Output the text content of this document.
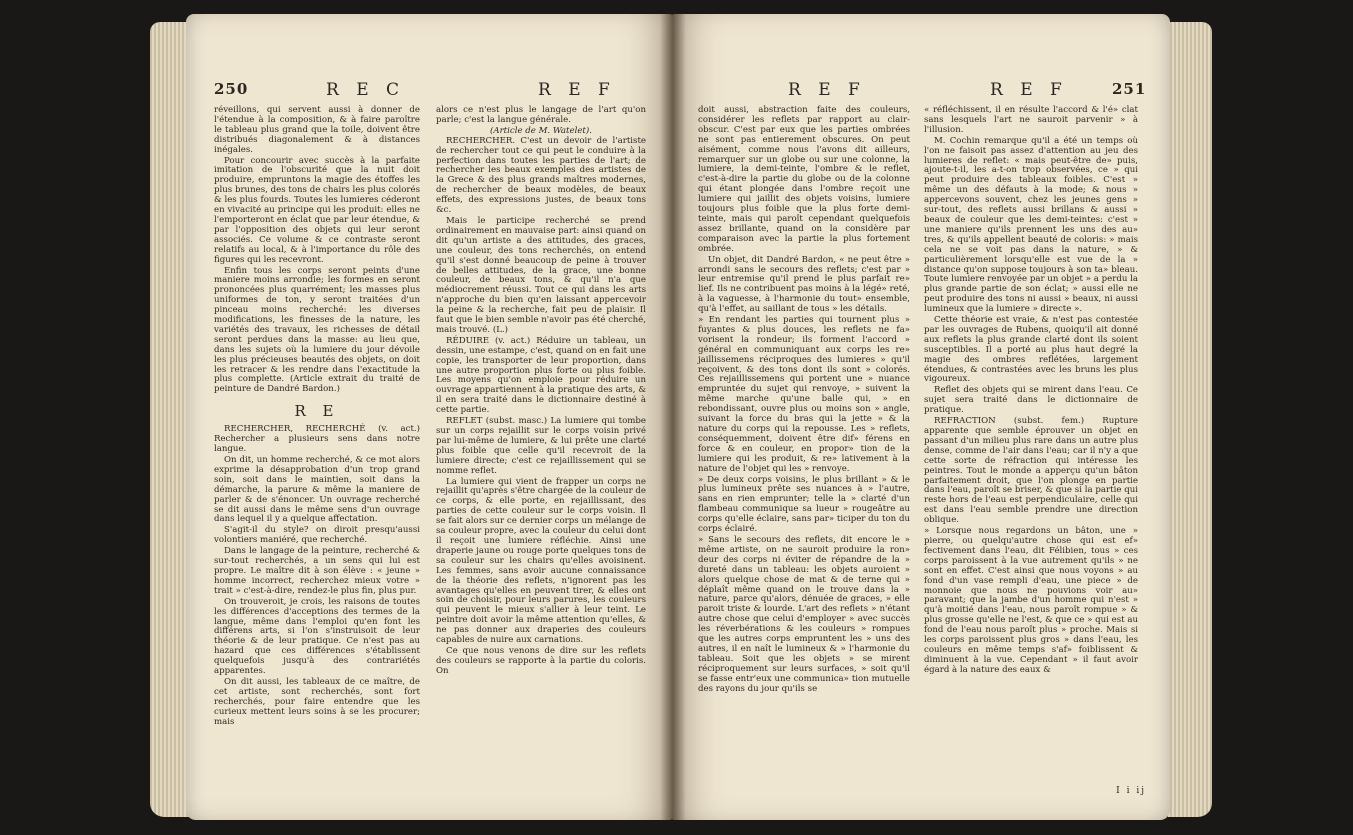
250	R E C	R E F

réveillons, qui servent aussi à donner de l'étendue à la composition, & à faire paroître le tableau plus grand que la toile, doivent être distribués diagonalement & à distances inégales.

Pour concourir avec succès à la parfaite imitation de l'obscurité que la nuit doit produire, empruntons la magie des étoffes les plus brunes, des tons de chairs les plus colorés & les plus fourds. Toutes les lumieres céderont en vivacité au principe qui les produit: elles ne l'emporteront en éclat que par leur étendue, & par l'opposition des objets qui leur seront associés. Ce volume & ce contraste seront relatifs au local, & à l'importance du rôle des figures qui les recevront.

Enfin tous les corps seront peints d'une maniere moins arrondie; les formes en seront prononcées plus quarrément; les masses plus uniformes de ton, y seront traitées d'un pinceau moins recherché: les diverses modifications, les finesses de la nature, les variétés des travaux, les richesses de détail seront perdues dans la masse: au lieu que, dans les sujets où la lumiere du jour dévoile les plus précieuses beautés des objets, on doit les retracer & les rendre dans l'exactitude la plus complette. (Article extrait du traité de peinture de Dandré Bardon.)

R E

RECHERCHER, RECHERCHÉ (v. act.) Rechercher a plusieurs sens dans notre langue.

On dit, un homme recherché, & ce mot alors exprime la désapprobation d'un trop grand soin, soit dans le maintien, soit dans la démarche, la parure & même la maniere de parler & de s'énoncer. Un ouvrage recherché se dit aussi dans le même sens d'un ouvrage dans lequel il y a quelque affectation.

S'agit-il du style? on diroit presqu'aussi volontiers maniéré, que recherché.

Dans le langage de la peinture, recherché & sur-tout recherchés, a un sens qui lui est propre. Le maître dit à son élève : « jeune » homme incorrect, recherchez mieux votre » trait » c'est-à-dire, rendez-le plus fin, plus pur.

On trouveroit, je crois, les raisons de toutes les différences d'acceptions des termes de la langue, même dans l'emploi qu'en font les différens arts, si l'on s'instruisoit de leur théorie & de leur pratique. Ce n'est pas au hazard que ces différences s'établissent quelquefois jusqu'à des contrariétés apparentes.

On dit aussi, les tableaux de ce maître, de cet artiste, sont recherchés, sont fort recherchés, pour faire entendre que les curieux mettent leurs soins à se les procurer; mais

alors ce n'est plus le langage de l'art qu'on parle; c'est la langue générale.

(Article de M. Watelet).

RECHERCHER. C'est un devoir de l'artiste de rechercher tout ce qui peut le conduire à la perfection dans toutes les parties de l'art; de rechercher les beaux exemples des artistes de la Grece & des plus grands maîtres modernes, de rechercher de beaux modèles, de beaux effets, des expressions justes, de beaux tons &c.

Mais le participe recherché se prend ordinairement en mauvaise part: ainsi quand on dit qu'un artiste a des attitudes, des graces, une couleur, des tons recherchés, on entend qu'il s'est donné beaucoup de peine à trouver de belles attitudes, de la grace, une bonne couleur, de beaux tons, & qu'il n'a que médiocrement réussi. Tout ce qui dans les arts n'approche du bien qu'en laissant appercevoir la peine & la recherche, fait peu de plaisir. Il faut que le bien semble n'avoir pas été cherché, mais trouvé. (L.)

RÉDUIRE (v. act.) Réduire un tableau, un dessin, une estampe, c'est, quand on en fait une copie, les transporter de leur proportion, dans une autre proportion plus forte ou plus foible. Les moyens qu'on emploie pour réduire un ouvrage appartiennent à la pratique des arts, & il en sera traité dans le dictionnaire destiné à cette partie.

REFLET (subst. masc.) La lumiere qui tombe sur un corps rejaillit sur le corps voisin privé par lui-même de lumiere, & lui prête une clarté plus foible que celle qu'il recevroit de la lumiere directe; c'est ce rejaillissement qui se nomme reflet.

La lumiere qui vient de frapper un corps ne rejaillit qu'après s'être chargée de la couleur de ce corps, & elle porte, en rejaillissant, des parties de cette couleur sur le corps voisin. Il se fait alors sur ce dernier corps un mélange de sa couleur propre, avec la couleur du celui dont il reçoit une lumiere réfléchie. Ainsi une draperie jaune ou rouge porte quelques tons de sa couleur sur les chairs qu'elles avoisinent. Les femmes, sans avoir aucune connaissance de la théorie des reflets, n'ignorent pas les avantages qu'elles en peuvent tirer, & elles ont soin de choisir, pour leurs parures, les couleurs qui peuvent le mieux s'allier à leur teint. Le peintre doit avoir la même attention qu'elles, & ne pas donner aux draperies des couleurs capables de nuire aux carnations.

Ce que nous venons de dire sur les reflets des couleurs se rapporte à la partie du coloris. On

R E F	R E F	251

doit aussi, abstraction faite des couleurs, considérer les reflets par rapport au clair-obscur. C'est par eux que les parties ombrées ne sont pas entierement obscures. On peut aisément, comme nous l'avons dit ailleurs, remarquer sur un globe ou sur une colonne, la lumiere, la demi-teinte, l'ombre & le reflet, c'est-à-dire la partie du globe ou de la colonne qui étant plongée dans l'ombre reçoit une lumiere qui jaillit des objets voisins, lumiere toujours plus foible que la plus forte demi-teinte, mais qui paroît cependant quelquefois assez brillante, quand on la considère par comparaison avec la partie la plus fortement ombrée.

Un objet, dit Dandré Bardon, « ne peut être » arrondi sans le secours des reflets; c'est par » leur entremise qu'il prend le plus parfait re» lief. Ils ne contribuent pas moins à la légé» reté, à la vaguesse, à l'harmonie du tout» ensemble, qu'à l'effet, au saillant de tous » les détails.

» En rendant les parties qui tournent plus » fuyantes & plus douces, les reflets ne fa» vorisent la rondeur; ils forment l'accord » général en communiquant aux corps les re» jaillissemens réciproques des lumieres » qu'il reçoivent, & des tons dont ils sont » colorés. Ces rejaillissemens qui portent une » nuance empruntée du sujet qui renvoye, » suivent la même marche qu'une balle qui, » en rebondissant, ouvre plus ou moins son » angle, suivant la force du bras qui la jette » & la nature du corps qui la repousse. Les » reflets, conséquemment, doivent être dif» férens en force & en couleur, en propor» tion de la lumiere qui les produit, & re» lativement à la nature de l'objet qui les » renvoye.

» De deux corps voisins, le plus brillant » & le plus lumineux prête ses nuances à » l'autre, sans en rien emprunter; telle la » clarté d'un flambeau communique sa lueur » rougeâtre au corps qu'elle éclaire, sans par» ticiper du ton du corps éclairé.

» Sans le secours des reflets, dit encore le » même artiste, on ne sauroit produire la ron» deur des corps ni éviter de répandre de la » dureté dans un tableau: les objets auroient » alors quelque chose de mat & de terne qui » déplaît même quand on le trouve dans la » nature, parce qu'alors, dénuée de graces, » elle paroit triste & lourde. L'art des reflets » n'étant autre chose que celui d'employer » avec succès les réverbérations & les couleurs » rompues que les autres corps empruntent les » uns des autres, il en naît le lumineux & » l'harmonie du tableau. Soit que les objets » se mirent réciproquement sur leurs surfaces, » soit qu'il se fasse entr'eux une communica» tion mutuelle des rayons du jour qu'ils se

« réfléchissent, il en résulte l'accord & l'é» clat sans lesquels l'art ne sauroit parvenir » à l'illusion.

M. Cochin remarque qu'il a été un temps où l'on ne faisoit pas assez d'attention au jeu des lumieres de reflet: « mais peut-être de» puis, ajoute-t-il, les a-t-on trop observées, ce » qui peut produire des tableaux foibles. C'est » même un des défauts à la mode; & nous » appercevons souvent, chez les jeunes gens » sur-tout, des reflets aussi brillans & aussi » beaux de couleur que les demi-teintes: c'est » une maniere qu'ils prennent les uns des au» tres, & qu'ils appellent beauté de coloris: » mais cela ne se voit pas dans la nature, » & particulièrement lorsqu'elle est vue de la » distance qu'on suppose toujours à son ta» bleau. Toute lumiere renvoyée par un objet » a perdu la plus grande partie de son éclat; » aussi elle ne peut produire des tons ni aussi » beaux, ni aussi lumineux que la lumiere » directe ».

Cette théorie est vraie, & n'est pas contestée par les ouvrages de Rubens, quoiqu'il ait donné aux reflets la plus grande clarté dont ils soient susceptibles. Il a porté au plus haut degré la magie des ombres reflétées, largement étendues, & contrastées avec les bruns les plus vigoureux.

Reflet des objets qui se mirent dans l'eau. Ce sujet sera traité dans le dictionnaire de pratique.

REFRACTION (subst. fem.) Rupture apparente que semble éprouver un objet en passant d'un milieu plus rare dans un autre plus dense, comme de l'air dans l'eau; car il n'y a que cette sorte de réfraction qui intéresse les peintres. Tout le monde a apperçu qu'un bâton parfaitement droit, que l'on plonge en partie dans l'eau, paroît se briser, & que si la partie qui reste hors de l'eau est perpendiculaire, celle qui est dans l'eau semble prendre une direction oblique.

» Lorsque nous regardons un bâton, une » pierre, ou quelqu'autre chose qui est ef» fectivement dans l'eau, dit Félibien, tous » ces corps paroissent à la vue autrement qu'ils » ne sont en effet. C'est ainsi que nous voyons » au fond d'un vase rempli d'eau, une piece » de monnoie que nous ne pouvions voir au» paravant; que la jambe d'un homme qui n'est » qu'à moitié dans l'eau, nous paroît rompue » & plus grosse qu'elle ne l'est, & que ce » qui est au fond de l'eau nous paroît plus » proche. Mais si les corps paroissent plus gros » dans l'eau, les couleurs en même temps s'af» foiblissent & diminuent à la vue. Cependant » il faut avoir égard à la nature des eaux &

I i ij
